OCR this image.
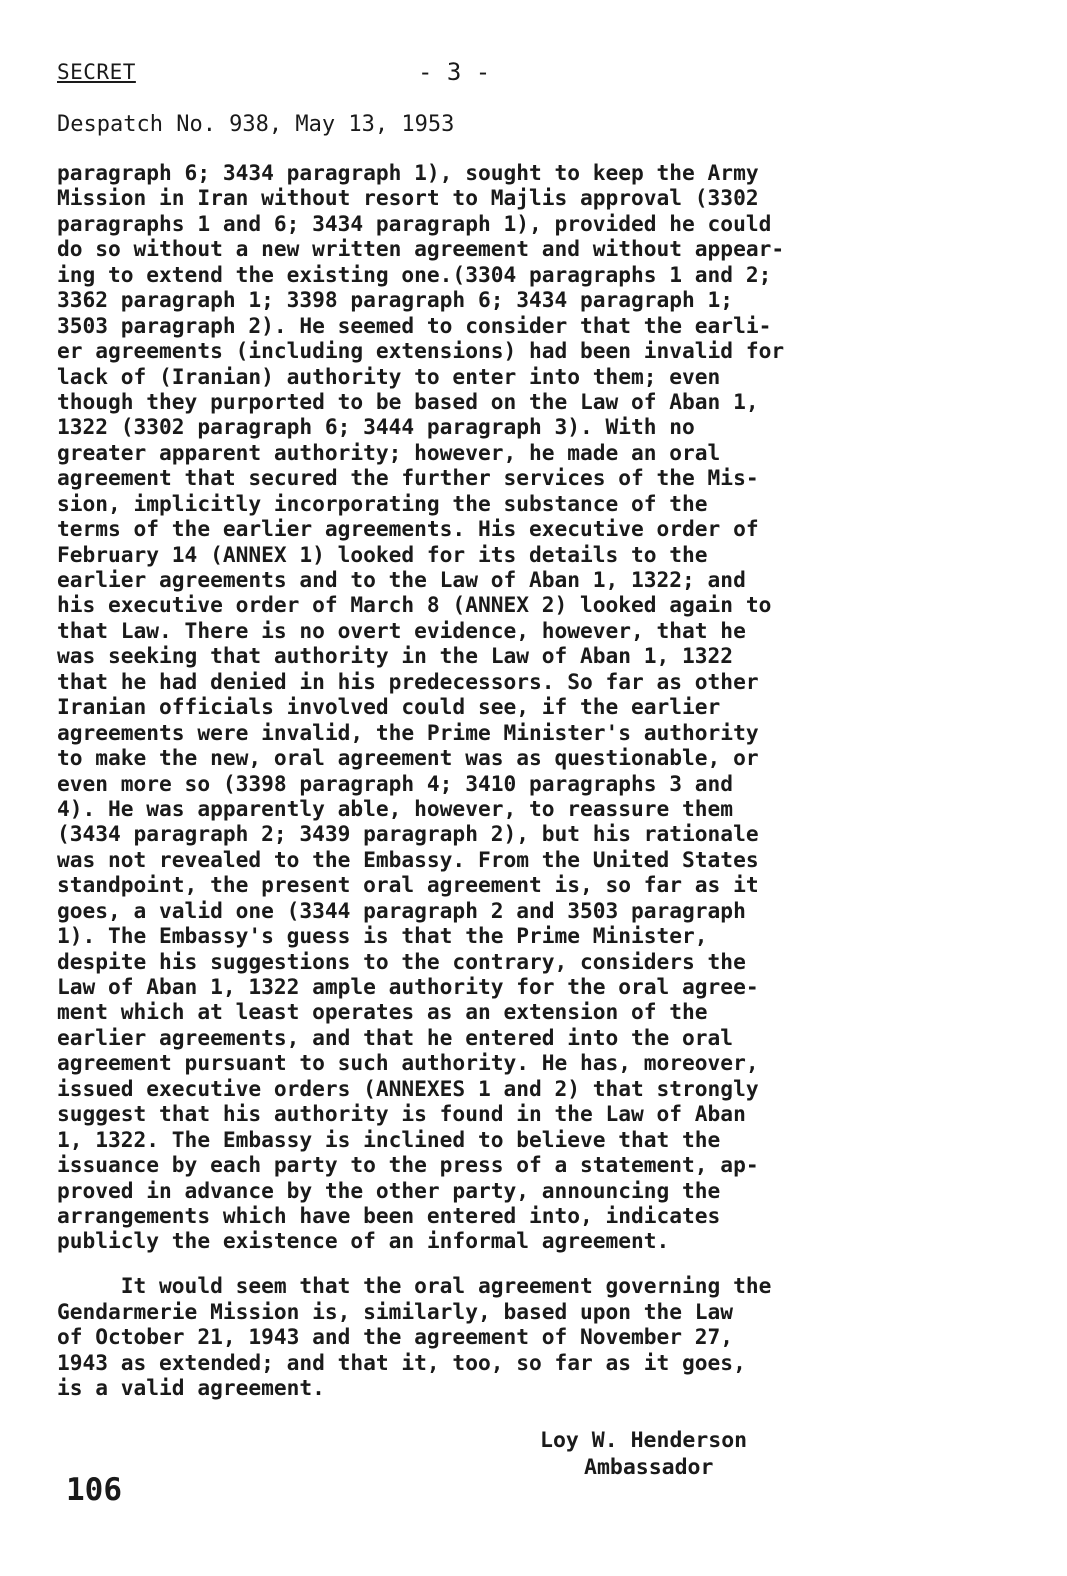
SECRET	- 3 -
Despatch No. 938, May 13, 1953
paragraph 6; 3434 paragraph 1), sought to keep the Army
Mission in Iran without resort to Majlis approval (3302
paragraphs 1 and 6; 3434 paragraph 1), provided he could
do so without a new written agreement and without appear-
ing to extend the existing one.(3304 paragraphs 1 and 2;
3362 paragraph 1; 3398 paragraph 6; 3434 paragraph 1;
3503 paragraph 2). He seemed to consider that the earli-
er agreements (including extensions) had been invalid for
lack of (Iranian) authority to enter into them; even
though they purported to be based on the Law of Aban 1,
1322 (3302 paragraph 6; 3444 paragraph 3). With no
greater apparent authority; however, he made an oral
agreement that secured the further services of the Mis-
sion, implicitly incorporating the substance of the
terms of the earlier agreements. His executive order of
February 14 (ANNEX 1) looked for its details to the
earlier agreements and to the Law of Aban 1, 1322; and
his executive order of March 8 (ANNEX 2) looked again to
that Law. There is no overt evidence, however, that he
was seeking that authority in the Law of Aban 1, 1322
that he had denied in his predecessors. So far as other
Iranian officials involved could see, if the earlier
agreements were invalid, the Prime Minister's authority
to make the new, oral agreement was as questionable, or
even more so (3398 paragraph 4; 3410 paragraphs 3 and
4). He was apparently able, however, to reassure them
(3434 paragraph 2; 3439 paragraph 2), but his rationale
was not revealed to the Embassy. From the United States
standpoint, the present oral agreement is, so far as it
goes, a valid one (3344 paragraph 2 and 3503 paragraph
1). The Embassy's guess is that the Prime Minister,
despite his suggestions to the contrary, considers the
Law of Aban 1, 1322 ample authority for the oral agree-
ment which at least operates as an extension of the
earlier agreements, and that he entered into the oral
agreement pursuant to such authority. He has, moreover,
issued executive orders (ANNEXES 1 and 2) that strongly
suggest that his authority is found in the Law of Aban
1, 1322. The Embassy is inclined to believe that the
issuance by each party to the press of a statement, ap-
proved in advance by the other party, announcing the
arrangements which have been entered into, indicates
publicly the existence of an informal agreement.
It would seem that the oral agreement governing the
Gendarmerie Mission is, similarly, based upon the Law
of October 21, 1943 and the agreement of November 27,
1943 as extended; and that it, too, so far as it goes,
is a valid agreement.
Loy W. Henderson
Ambassador
106
